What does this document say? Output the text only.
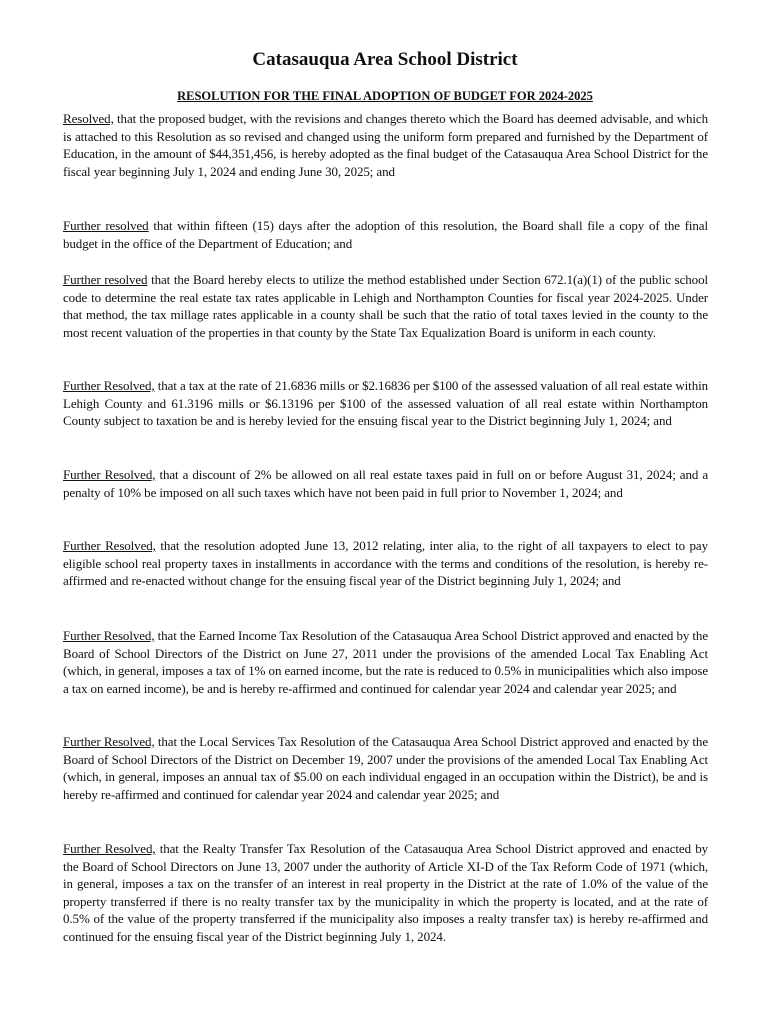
Catasauqua Area School District
RESOLUTION FOR THE FINAL ADOPTION OF BUDGET FOR 2024-2025

Resolved, that the proposed budget, with the revisions and changes thereto which the Board has deemed advisable, and which is attached to this Resolution as so revised and changed using the uniform form prepared and furnished by the Department of Education, in the amount of $44,351,456, is hereby adopted as the final budget of the Catasauqua Area School District for the fiscal year beginning July 1, 2024 and ending June 30, 2025; and

Further resolved that within fifteen (15) days after the adoption of this resolution, the Board shall file a copy of the final budget in the office of the Department of Education; and

Further resolved that the Board hereby elects to utilize the method established under Section 672.1(a)(1) of the public school code to determine the real estate tax rates applicable in Lehigh and Northampton Counties for fiscal year 2024-2025. Under that method, the tax millage rates applicable in a county shall be such that the ratio of total taxes levied in the county to the most recent valuation of the properties in that county by the State Tax Equalization Board is uniform in each county.

Further Resolved, that a tax at the rate of 21.6836 mills or $2.16836 per $100 of the assessed valuation of all real estate within Lehigh County and 61.3196 mills or $6.13196 per $100 of the assessed valuation of all real estate within Northampton County subject to taxation be and is hereby levied for the ensuing fiscal year to the District beginning July 1, 2024; and

Further Resolved, that a discount of 2% be allowed on all real estate taxes paid in full on or before August 31, 2024; and a penalty of 10% be imposed on all such taxes which have not been paid in full prior to November 1, 2024; and

Further Resolved, that the resolution adopted June 13, 2012 relating, inter alia, to the right of all taxpayers to elect to pay eligible school real property taxes in installments in accordance with the terms and conditions of the resolution, is hereby re-affirmed and re-enacted without change for the ensuing fiscal year of the District beginning July 1, 2024; and

Further Resolved, that the Earned Income Tax Resolution of the Catasauqua Area School District approved and enacted by the Board of School Directors of the District on June 27, 2011 under the provisions of the amended Local Tax Enabling Act (which, in general, imposes a tax of 1% on earned income, but the rate is reduced to 0.5% in municipalities which also impose a tax on earned income), be and is hereby re-affirmed and continued for calendar year 2024 and calendar year 2025; and

Further Resolved, that the Local Services Tax Resolution of the Catasauqua Area School District approved and enacted by the Board of School Directors of the District on December 19, 2007 under the provisions of the amended Local Tax Enabling Act (which, in general, imposes an annual tax of $5.00 on each individual engaged in an occupation within the District), be and is hereby re-affirmed and continued for calendar year 2024 and calendar year 2025; and

Further Resolved, that the Realty Transfer Tax Resolution of the Catasauqua Area School District approved and enacted by the Board of School Directors on June 13, 2007 under the authority of Article XI-D of the Tax Reform Code of 1971 (which, in general, imposes a tax on the transfer of an interest in real property in the District at the rate of 1.0% of the value of the property transferred if there is no realty transfer tax by the municipality in which the property is located, and at the rate of 0.5% of the value of the property transferred if the municipality also imposes a realty transfer tax) is hereby re-affirmed and continued for the ensuing fiscal year of the District beginning July 1, 2024.
